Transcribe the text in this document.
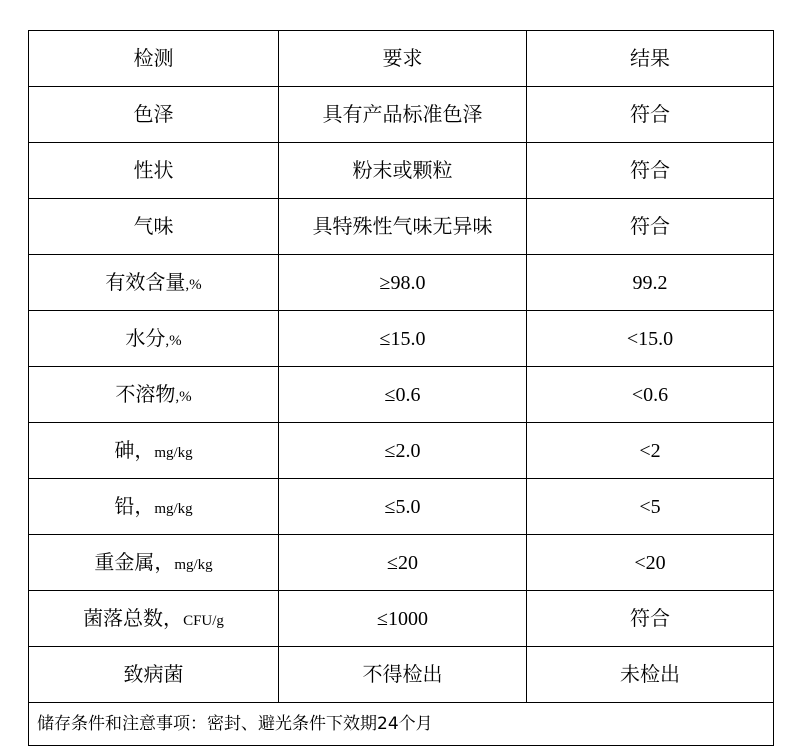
检测	要求	结果

色泽	具有产品标准色泽	符合

性状	粉末或颗粒	符合

气味	具特殊性气味无异味	符合

有效含量,%	≥98.0	99.2

水分,%	≤15.0	<15.0

不溶物,%	≤0.6	<0.6

砷，mg/kg	≤2.0	<2

铅，mg/kg	≤5.0	<5

重金属，mg/kg	≤20	<20

菌落总数，CFU/g	≤1000	符合

致病菌	不得检出	未检出

储存条件和注意事项：密封、避光条件下效期24个月		
